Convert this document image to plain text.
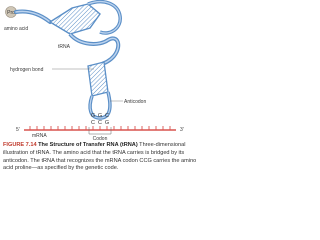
Pro
amino acid
tRNA
hydrogen bond
Anticodon
G G C
C C G
5′	3′
mRNA	Codon

FIGURE 7.14 The Structure of Transfer RNA (tRNA) Three-dimensional illustration of tRNA. The amino acid that the tRNA carries is bridged by its anticodon. The tRNA that recognizes the mRNA codon CCG carries the amino acid proline—as specified by the genetic code.
